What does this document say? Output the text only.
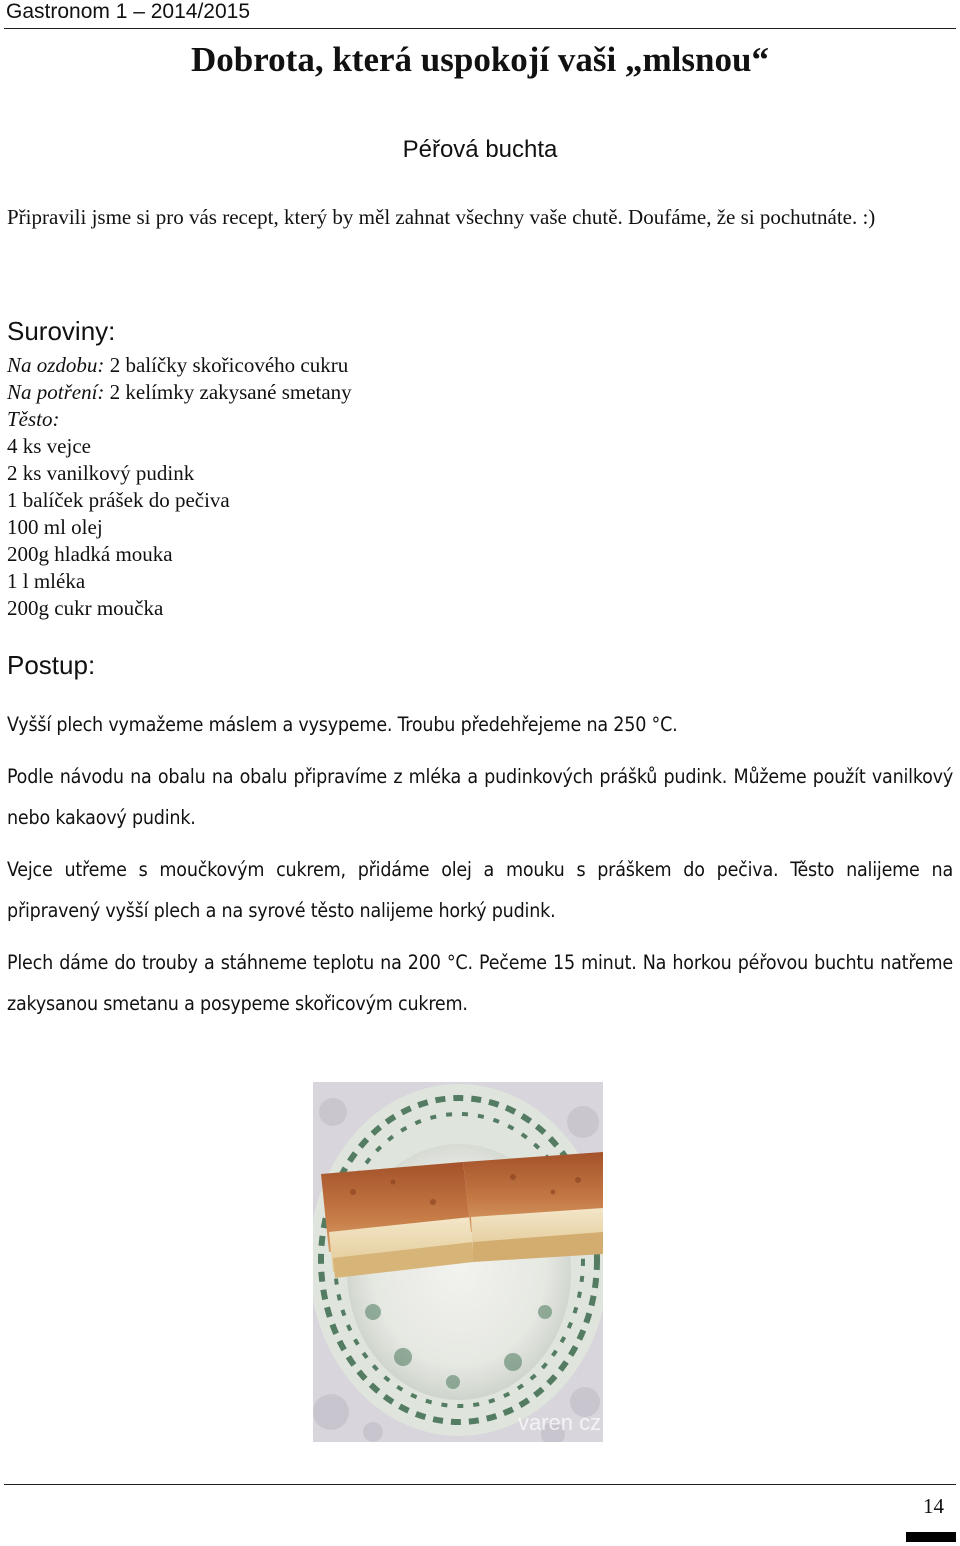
Gastronom 1 – 2014/2015
Dobrota, která uspokojí vaši „mlsnou“
Péřová buchta

Připravili jsme si pro vás recept, který by měl zahnat všechny vaše chutě. Doufáme, že si pochutnáte. :)

Suroviny:
Na ozdobu: 2 balíčky skořicového cukru
Na potření: 2 kelímky zakysané smetany
Těsto:
4 ks vejce
2 ks vanilkový pudink
1 balíček prášek do pečiva
100 ml olej
200g hladká mouka
1 l mléka
200g cukr moučka
Postup:

Vyšší plech vymažeme máslem a vysypeme. Troubu předehřejeme na 250 °C.

Podle návodu na obalu na obalu připravíme z mléka a pudinkových prášků pudink. Můžeme použít vanilkový nebo kakaový pudink.

Vejce utřeme s moučkovým cukrem, přidáme olej a mouku s práškem do pečiva. Těsto nalijeme na připravený vyšší plech a na syrové těsto nalijeme horký pudink.

Plech dáme do trouby a stáhneme teplotu na 200 °C. Pečeme 15 minut. Na horkou péřovou buchtu natřeme zakysanou smetanu a posypeme skořicovým cukrem.

varen cz
14
